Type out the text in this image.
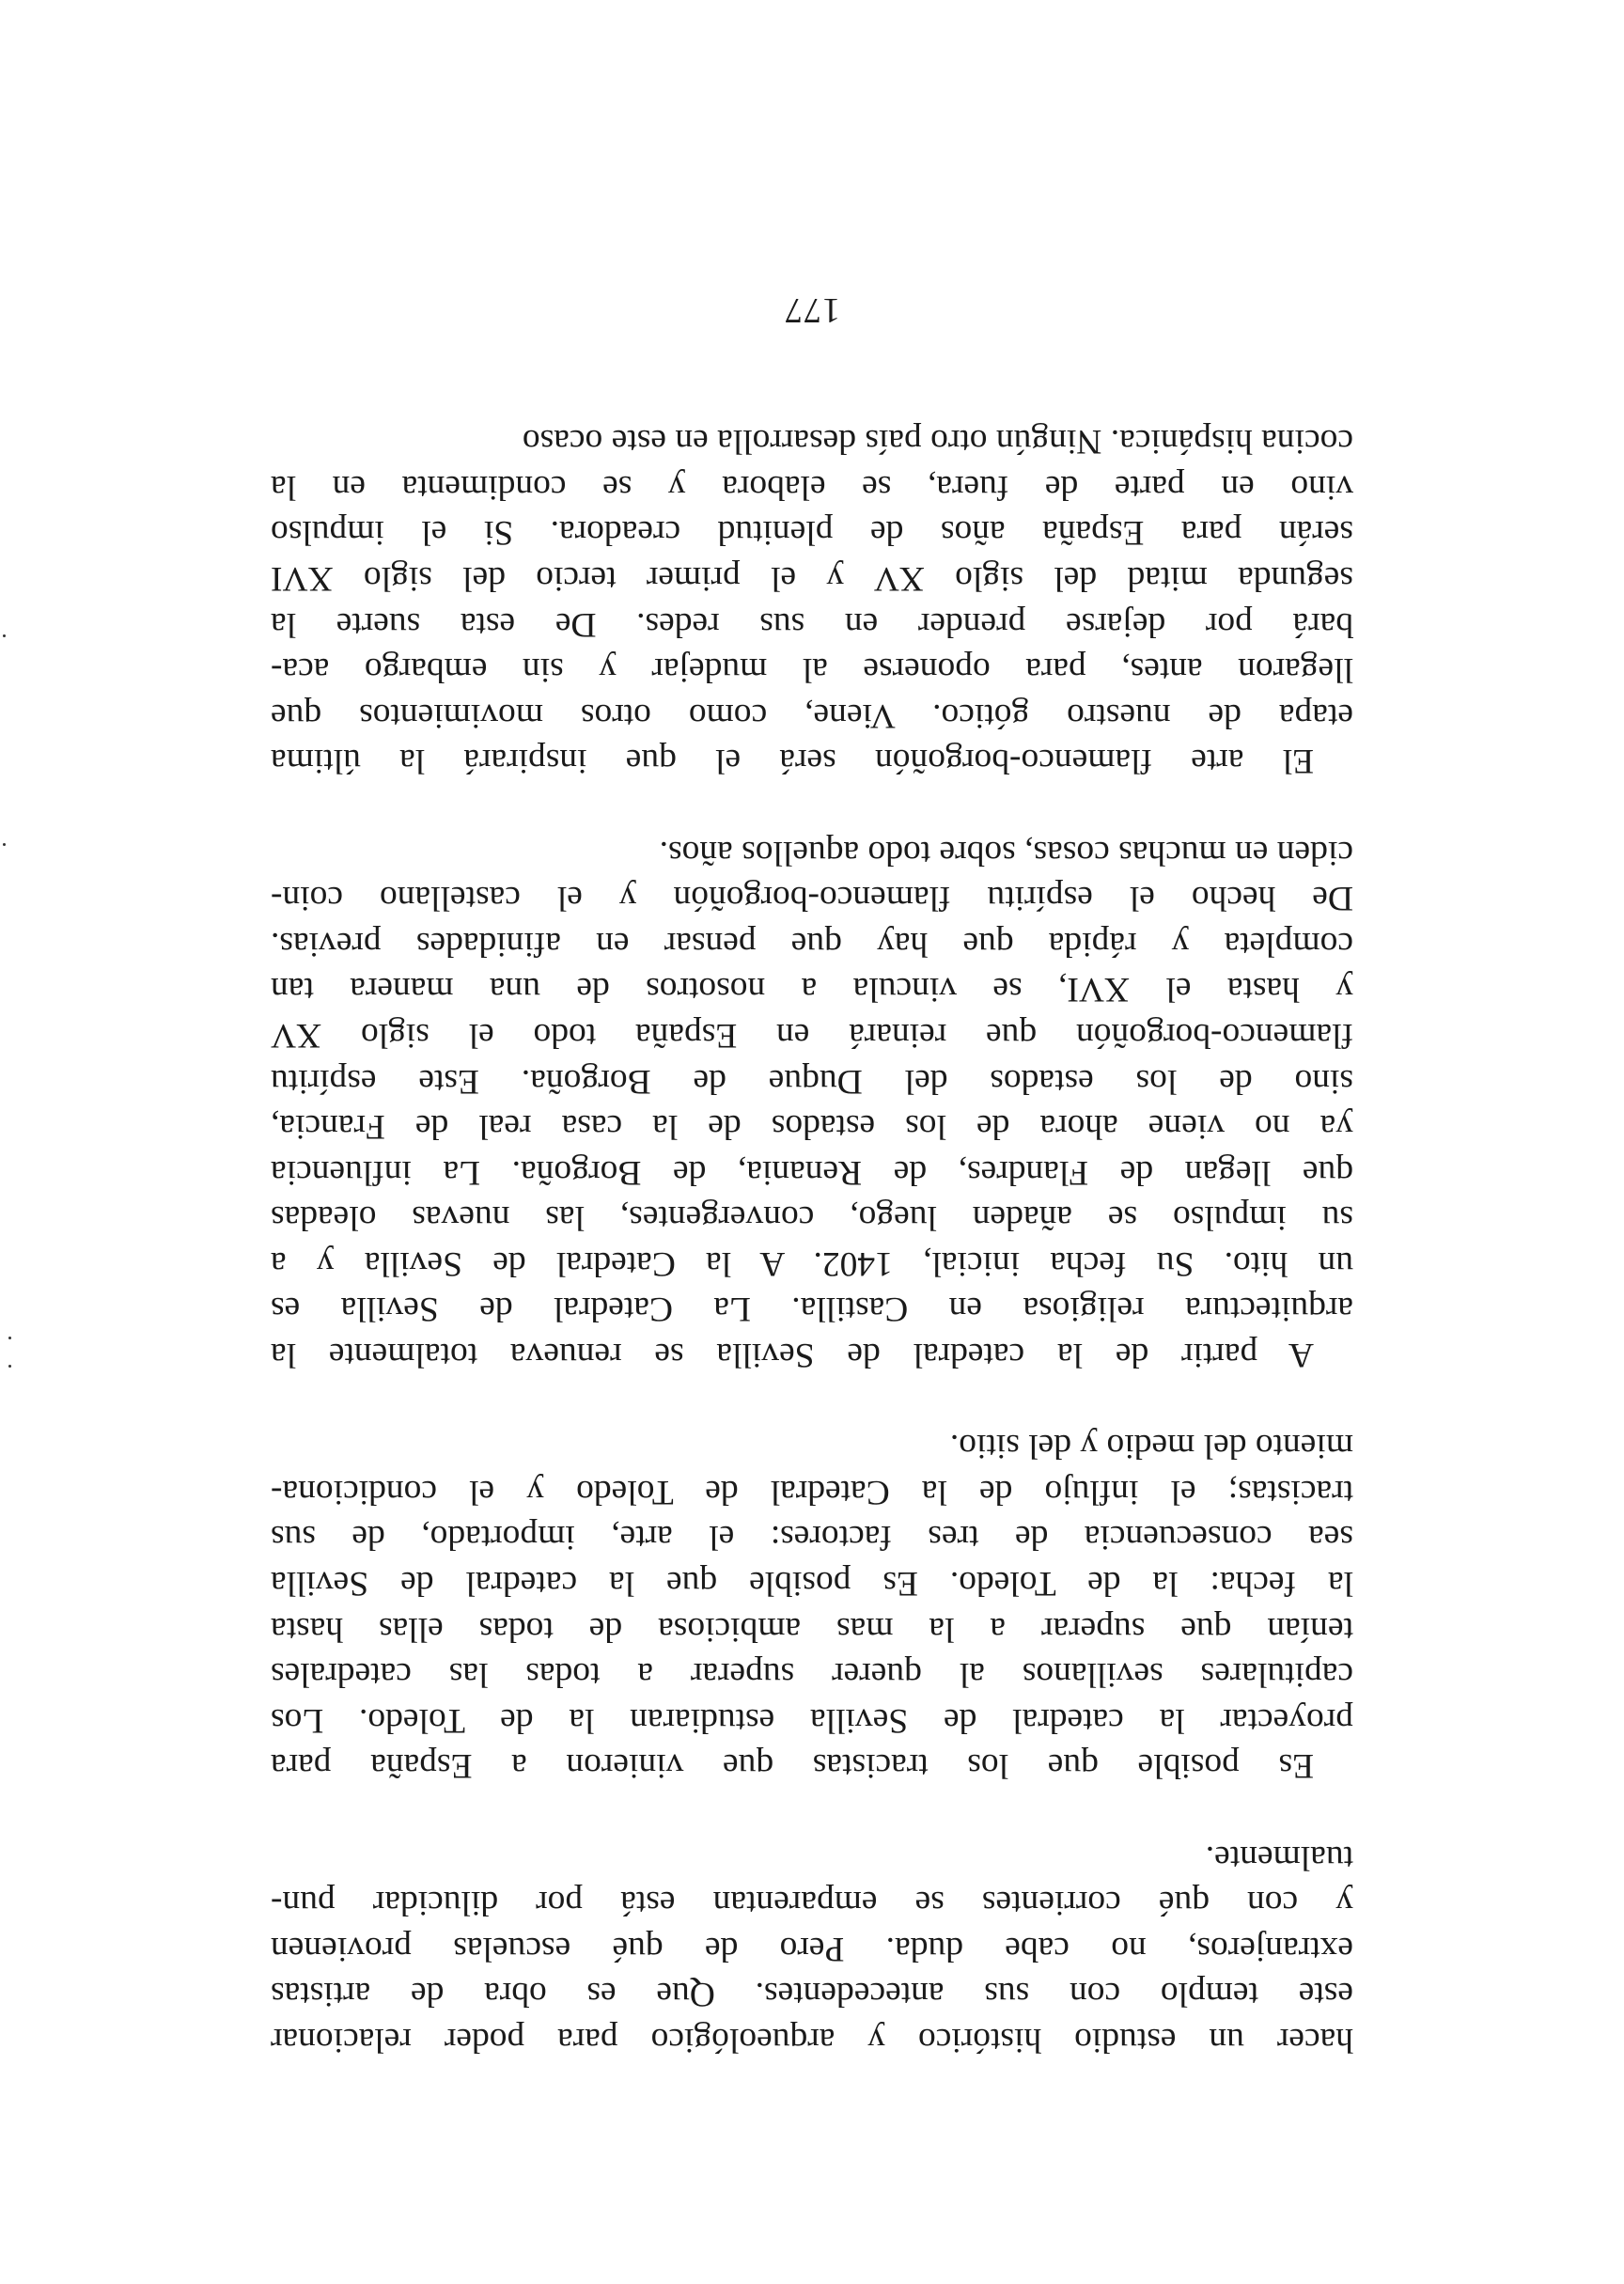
hacer un estudio histórico y arqueológico para poder relacionar
este templo con sus antecedentes. Que es obra de artistas
extranjeros, no cabe duda. Pero de qué escuelas provienen
y con qué corrientes se emparentan está por dilucidar pun-
tualmente.
Es posible que los tracistas que vinieron a España para
proyectar la catedral de Sevilla estudiaran la de Toledo. Los
capitulares sevillanos al querer superar a todas las catedrales
tenían que superar a la mas ambiciosa de todas ellas hasta
la fecha: la de Toledo. Es posible que la catedral de Sevilla
sea consecuencia de tres factores: el arte, importado, de sus
tracistas; el influjo de la Catedral de Toledo y el condiciona-
miento del medio y del sitio.
A partir de la catedral de Sevilla se renueva totalmente la
arquitectura religiosa en Castilla. La Catedral de Sevilla es
un hito. Su fecha inicial, 1402. A la Catedral de Sevilla y a
su impulso se añaden luego, convergentes, las nuevas oleadas
que llegan de Flandres, de Renania, de Borgoña. La influencia
ya no viene ahora de los estados de la casa real de Francia,
sino de los estados del Duque de Borgoña. Este espíritu
flamenco-borgoñón que reinará en España todo el siglo XV
y hasta el XVI, se vincula a nosotros de una manera tan
completa y rápida que hay que pensar en afinidades previas.
De hecho el espíritu flamenco-borgoñón y el castellano coin-
ciden en muchas cosas, sobre todo aquellos años.
El arte flamenco-borgoñón será el que inspirará la última
etapa de nuestro gótico. Viene, como otros movimientos que
llegaron antes, para oponerse al mudejar y sin embargo aca-
bará por dejarse prender en sus redes. De esta suerte la
segunda mitad del siglo XV y el primer tercio del siglo XVI
serán para España años de plenitud creadora. Si el impulso
vino en parte de fuera, se elabora y se condimenta en la
cocina hispánica. Ningún otro país desarrolla en este ocaso
177
